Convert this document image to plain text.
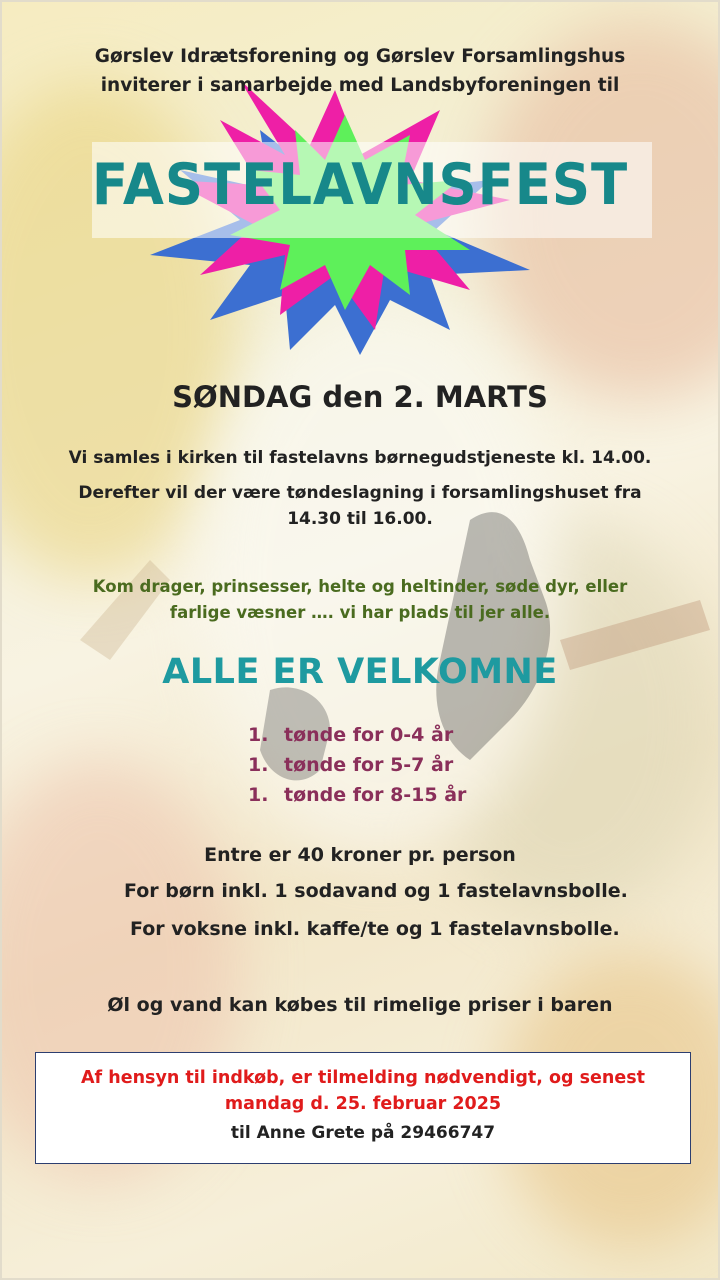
Gørslev Idrætsforening og Gørslev Forsamlingshus
inviterer i samarbejde med Landsbyforeningen til
FASTELAVNSFEST
SØNDAG den 2. MARTS
Vi samles i kirken til fastelavns børnegudstjeneste kl. 14.00.
Derefter vil der være tøndeslagning i forsamlingshuset fra
14.30 til 16.00.
Kom drager, prinsesser, helte og heltinder, søde dyr, eller
farlige væsner …. vi har plads til jer alle.
ALLE ER VELKOMNE
1. tønde for 0-4 år
1. tønde for 5-7 år
1. tønde for 8-15 år
Entre er 40 kroner pr. person
For børn inkl. 1 sodavand og 1 fastelavnsbolle.
For voksne inkl. kaffe/te og 1 fastelavnsbolle.
Øl og vand kan købes til rimelige priser i baren
Af hensyn til indkøb, er tilmelding nødvendigt, og senest
mandag d. 25. februar 2025
til Anne Grete på 29466747
